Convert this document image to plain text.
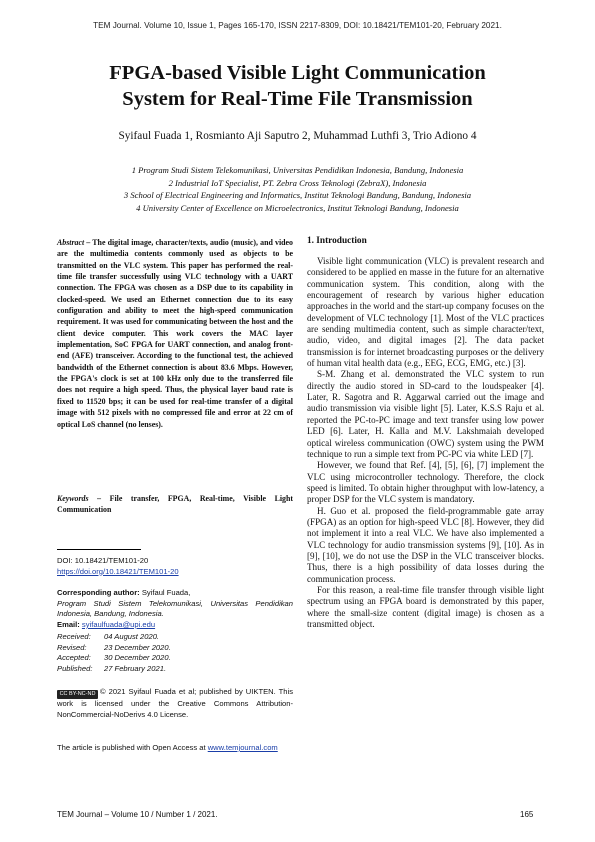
TEM Journal. Volume 10, Issue 1, Pages 165-170, ISSN 2217-8309, DOI: 10.18421/TEM101-20, February 2021.
FPGA-based Visible Light Communication
System for Real-Time File Transmission
Syifaul Fuada 1, Rosmianto Aji Saputro 2, Muhammad Luthfi 3, Trio Adiono 4
1 Program Studi Sistem Telekomunikasi, Universitas Pendidikan Indonesia, Bandung, Indonesia
2 Industrial IoT Specialist, PT. Zebra Cross Teknologi (ZebraX), Indonesia
3 School of Electrical Engineering and Informatics, Institut Teknologi Bandung, Bandung, Indonesia
4 University Center of Excellence on Microelectronics, Institut Teknologi Bandung, Indonesia
Abstract – The digital image, character/texts, audio (music), and video are the multimedia contents commonly used as objects to be transmitted on the VLC system. This paper has performed the real-time file transfer successfully using VLC technology with a UART connection. The FPGA was chosen as a DSP due to its capability in clocked-speed. We used an Ethernet connection due to its easy configuration and ability to meet the high-speed communication requirement. It was used for communicating between the host and the client device computer. This work covers the MAC layer implementation, SoC FPGA for UART connection, and analog front-end (AFE) transceiver. According to the functional test, the achieved bandwidth of the Ethernet connection is about 83.6 Mbps. However, the FPGA's clock is set at 100 kHz only due to the transferred file does not require a high speed. Thus, the physical layer baud rate is fixed to 11520 bps; it can be used for real-time transfer of a digital image with 512 pixels with no compressed file and error at 22 cm of optical LoS channel (no lenses).
Keywords – File transfer, FPGA, Real-time, Visible Light Communication
DOI: 10.18421/TEM101-20
https://doi.org/10.18421/TEM101-20
Corresponding author: Syifaul Fuada,
Program Studi Sistem Telekomunikasi, Universitas Pendidikan Indonesia, Bandung, Indonesia.
Email: syifaulfuada@upi.edu
Received:	04 August 2020.
Revised:	23 December 2020.
Accepted:	30 December 2020.
Published:	27 February 2021.
CC BY-NC-ND © 2021 Syifaul Fuada et al; published by UIKTEN. This work is licensed under the Creative Commons Attribution-NonCommercial-NoDerivs 4.0 License.
The article is published with Open Access at www.temjournal.com
1. Introduction

Visible light communication (VLC) is prevalent research and considered to be applied en masse in the future for an alternative communication system. This condition, along with the encouragement of research by various higher education approaches in the world and the start-up company focuses on the development of VLC technology [1]. Most of the VLC practices are sending multimedia content, such as simple character/text, audio, video, and digital images [2]. The data packet transmission is for internet broadcasting purposes or the delivery of human vital health data (e.g., EEG, ECG, EMG, etc.) [3].

S-M. Zhang et al. demonstrated the VLC system to run directly the audio stored in SD-card to the loudspeaker [4]. Later, R. Sagotra and R. Aggarwal carried out the image and audio transmission via visible light [5]. Later, K.S.S Raju et al. reported the PC-to-PC image and text transfer using low power LED [6]. Later, H. Kalla and M.V. Lakshmaiah developed optical wireless communication (OWC) system using the PWM technique to run a simple text from PC-PC via white LED [7].

However, we found that Ref. [4], [5], [6], [7] implement the VLC using microcontroller technology. Therefore, the clock speed is limited. To obtain higher throughput with low-latency, a proper DSP for the VLC system is mandatory.

H. Guo et al. proposed the field-programmable gate array (FPGA) as an option for high-speed VLC [8]. However, they did not implement it into a real VLC. We have also implemented a VLC technology for audio transmission systems [9], [10]. As in [9], [10], we do not use the DSP in the VLC transceiver blocks. Thus, there is a high possibility of data losses during the communication process.

For this reason, a real-time file transfer through visible light spectrum using an FPGA board is demonstrated by this paper, where the small-size content (digital image) is chosen as a transmitted object.

TEM Journal – Volume 10 / Number 1 / 2021.	165
